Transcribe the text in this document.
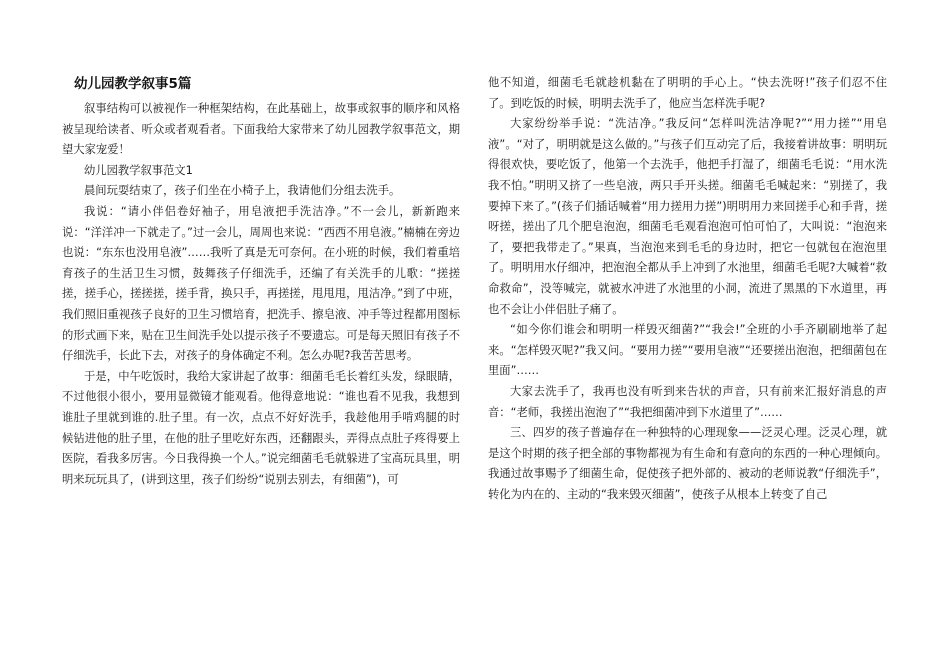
幼儿园教学叙事5篇

叙事结构可以被视作一种框架结构，在此基础上，故事或叙事的顺序和风格被呈现给读者、听众或者观看者。下面我给大家带来了幼儿园教学叙事范文，期望大家宠爱！

幼儿园教学叙事范文1

晨间玩耍结束了，孩子们坐在小椅子上，我请他们分组去洗手。

我说：“请小伴侣卷好袖子，用皂液把手洗洁净。”不一会儿，新新跑来说：“洋洋冲一下就走了。”过一会儿，周周也来说：“西西不用皂液。”楠楠在旁边也说：“东东也没用皂液”……我听了真是无可奈何。在小班的时候，我们着重培育孩子的生活卫生习惯，鼓舞孩子仔细洗手，还编了有关洗手的儿歌：“搓搓搓，搓手心，搓搓搓，搓手背，换只手，再搓搓，甩甩甩，甩洁净。”到了中班，我们照旧重视孩子良好的卫生习惯培育，把洗手、擦皂液、冲手等过程都用图标的形式画下来，贴在卫生间洗手处以提示孩子不要遗忘。可是每天照旧有孩子不仔细洗手，长此下去，对孩子的身体确定不利。怎么办呢?我苦苦思考。

于是，中午吃饭时，我给大家讲起了故事：细菌毛毛长着红头发，绿眼睛，不过他很小很小，要用显微镜才能观看。他得意地说：“谁也看不见我，我想到谁肚子里就到谁的.肚子里。有一次，点点不好好洗手，我趁他用手啃鸡腿的时候钻进他的肚子里，在他的肚子里吃好东西，还翻跟头，弄得点点肚子疼得要上医院，看我多厉害。今日我得换一个人。”说完细菌毛毛就躲进了宝高玩具里，明明来玩玩具了，(讲到这里，孩子们纷纷“说别去别去，有细菌”)，可

他不知道，细菌毛毛就趁机黏在了明明的手心上。“快去洗呀!”孩子们忍不住了。到吃饭的时候，明明去洗手了，他应当怎样洗手呢?

大家纷纷举手说：“洗洁净。”我反问“怎样叫洗洁净呢?”“用力搓”“用皂液”。“对了，明明就是这么做的。”与孩子们互动完了后，我接着讲故事：明明玩得很欢快，要吃饭了，他第一个去洗手，他把手打湿了，细菌毛毛说：“用水洗我不怕。”明明又挤了一些皂液，两只手开头搓。细菌毛毛喊起来：“别搓了，我要掉下来了。”(孩子们插话喊着“用力搓用力搓”)明明用力来回搓手心和手背，搓呀搓，搓出了几个肥皂泡泡，细菌毛毛观看泡泡可怕可怕了，大叫说：“泡泡来了，要把我带走了。”果真，当泡泡来到毛毛的身边时，把它一包就包在泡泡里了。明明用水仔细冲，把泡泡全都从手上冲到了水池里，细菌毛毛呢?大喊着“救命救命”，没等喊完，就被水冲进了水池里的小洞，流进了黑黑的下水道里，再也不会让小伴侣肚子痛了。

“如今你们谁会和明明一样毁灭细菌?”“我会!”全班的小手齐刷刷地举了起来。“怎样毁灭呢?”我又问。“要用力搓”“要用皂液”“还要搓出泡泡，把细菌包在里面”……

大家去洗手了，我再也没有听到来告状的声音，只有前来汇报好消息的声音：“老师，我搓出泡泡了”“我把细菌冲到下水道里了”……

三、四岁的孩子普遍存在一种独特的心理现象——泛灵心理。泛灵心理，就是这个时期的孩子把全部的事物都视为有生命和有意向的东西的一种心理倾向。我通过故事赐予了细菌生命，促使孩子把外部的、被动的老师说教“仔细洗手”，转化为内在的、主动的“我来毁灭细菌”，使孩子从根本上转变了自己
